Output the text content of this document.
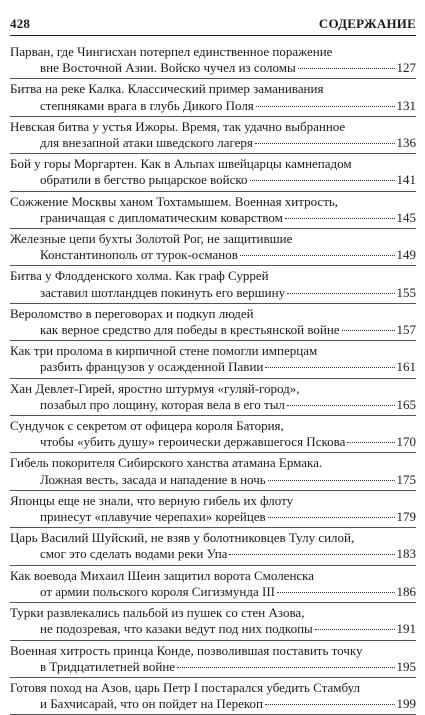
428	СОДЕРЖАНИЕ
Парван, где Чингисхан потерпел единственное поражение
вне Восточной Азии. Войско чучел из соломы	127
Битва на реке Калка. Классический пример заманивания
степняками врага в глубь Дикого Поля	131
Невская битва у устья Ижоры. Время, так удачно выбранное
для внезапной атаки шведского лагеря	136
Бой у горы Моргартен. Как в Альпах швейцарцы камнепадом
обратили в бегство рыцарское войско	141
Сожжение Москвы ханом Тохтамышем. Военная хитрость,
граничащая с дипломатическим коварством	145
Железные цепи бухты Золотой Рог, не защитившие
Константинополь от турок-османов	149
Битва у Флодденского холма. Как граф Суррей
заставил шотландцев покинуть его вершину	155
Вероломство в переговорах и подкуп людей
как верное средство для победы в крестьянской войне	157
Как три пролома в кирпичной стене помогли имперцам
разбить французов у осажденной Павии	161
Хан Девлет-Гирей, яростно штурмуя «гуляй-город»,
позабыл про лощину, которая вела в его тыл	165
Сундучок с секретом от офицера короля Батория,
чтобы «убить душу» героически державшегося Пскова	170
Гибель покорителя Сибирского ханства атамана Ермака.
Ложная весть, засада и нападение в ночь	175
Японцы еще не знали, что верную гибель их флоту
принесут «плавучие черепахи» корейцев	179
Царь Василий Шуйский, не взяв у болотниковцев Тулу силой,
смог это сделать водами реки Упа	183
Как воевода Михаил Шеин защитил ворота Смоленска
от армии польского короля Сигизмунда III	186
Турки развлекались пальбой из пушек со стен Азова,
не подозревая, что казаки ведут под них подкопы	191
Военная хитрость принца Конде, позволившая поставить точку
в Тридцатилетней войне	195
Готовя поход на Азов, царь Петр I постарался убедить Стамбул
и Бахчисарай, что он пойдет на Перекоп	199
